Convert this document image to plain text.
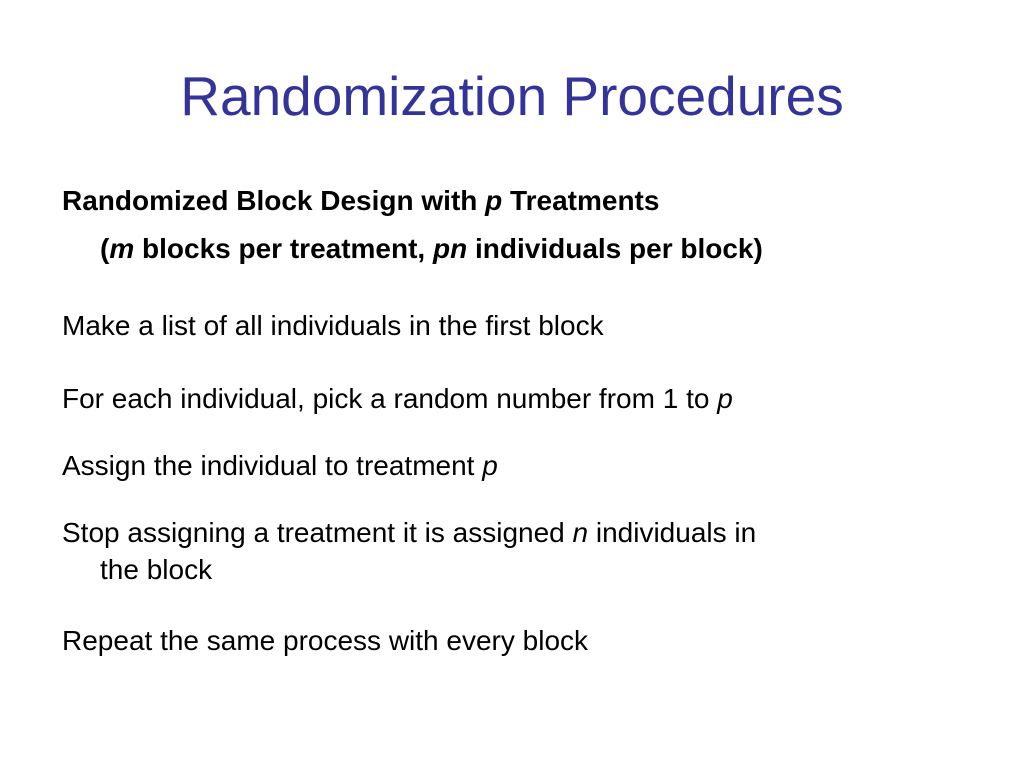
Randomization Procedures
Randomized Block Design with p Treatments
(m blocks per treatment, pn individuals per block)
Make a list of all individuals in the first block
For each individual, pick a random number from 1 to p
Assign the individual to treatment p
Stop assigning a treatment it is assigned n individuals in
the block
Repeat the same process with every block
